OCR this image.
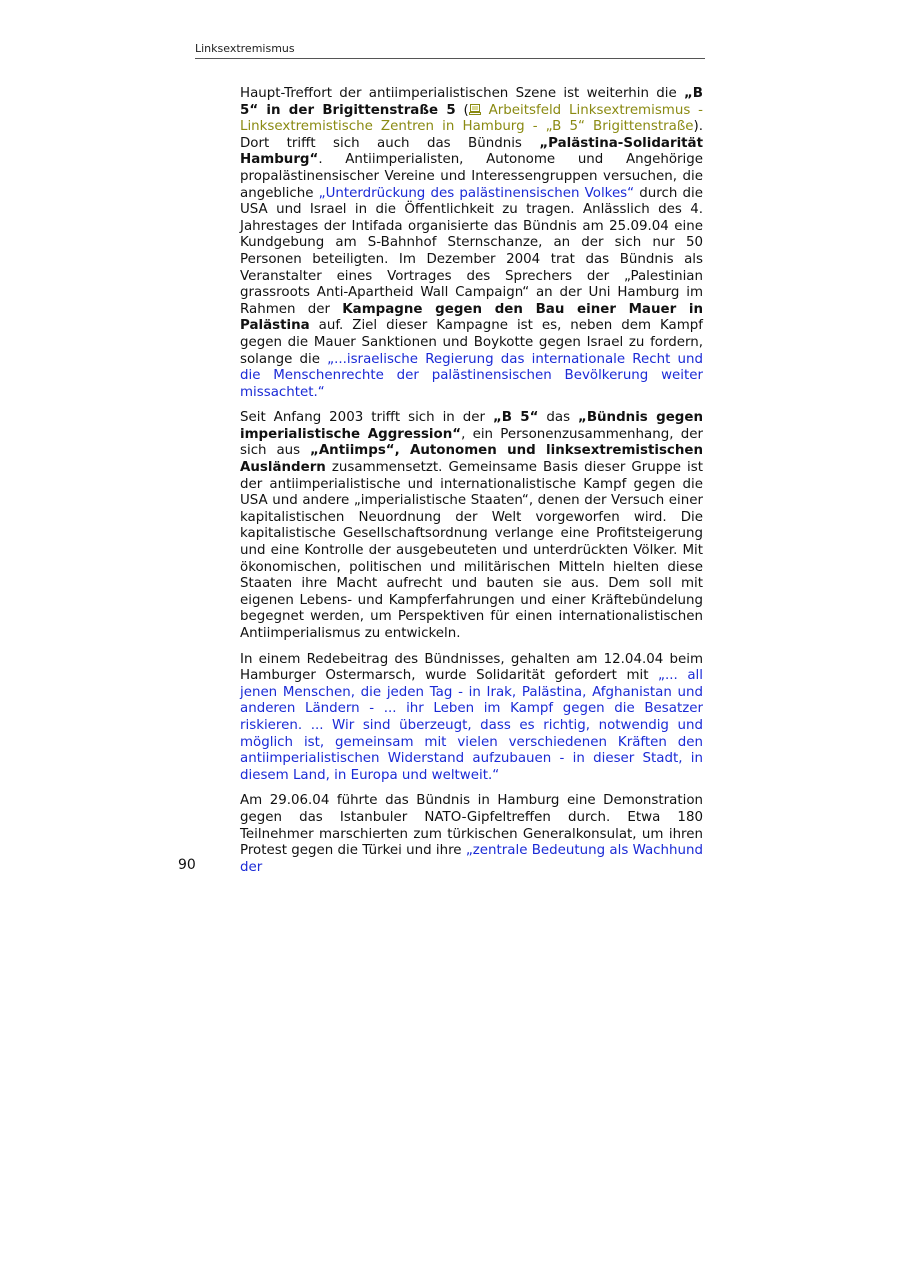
Linksextremismus

Haupt-Treffort der antiimperialistischen Szene ist weiterhin die „B 5“ in der Brigittenstraße 5 ( Arbeitsfeld Linksextremismus - Linksextremistische Zentren in Hamburg - „B 5“ Brigittenstraße). Dort trifft sich auch das Bündnis „Palästina-Solidarität Hamburg“. Antiimperialisten, Autonome und Angehörige propalästinensischer Vereine und Interessengruppen versuchen, die angebliche „Unterdrückung des palästinensischen Volkes“ durch die USA und Israel in die Öffentlichkeit zu tragen. Anlässlich des 4. Jahrestages der Intifada organisierte das Bündnis am 25.09.04 eine Kundgebung am S-Bahnhof Sternschanze, an der sich nur 50 Personen beteiligten. Im Dezember 2004 trat das Bündnis als Veranstalter eines Vortrages des Sprechers der „Palestinian grassroots Anti-Apartheid Wall Campaign“ an der Uni Hamburg im Rahmen der Kampagne gegen den Bau einer Mauer in Palästina auf. Ziel dieser Kampagne ist es, neben dem Kampf gegen die Mauer Sanktionen und Boykotte gegen Israel zu fordern, solange die „...israelische Regierung das internationale Recht und die Menschenrechte der palästinensischen Bevölkerung weiter missachtet.“

Seit Anfang 2003 trifft sich in der „B 5“ das „Bündnis gegen imperialistische Aggression“, ein Personenzusammenhang, der sich aus „Antiimps“, Autonomen und linksextremistischen Ausländern zusammensetzt. Gemeinsame Basis dieser Gruppe ist der antiimperialistische und internationalistische Kampf gegen die USA und andere „imperialistische Staaten“, denen der Versuch einer kapitalistischen Neuordnung der Welt vorgeworfen wird. Die kapitalistische Gesellschaftsordnung verlange eine Profitsteigerung und eine Kontrolle der ausgebeuteten und unterdrückten Völker. Mit ökonomischen, politischen und militärischen Mitteln hielten diese Staaten ihre Macht aufrecht und bauten sie aus. Dem soll mit eigenen Lebens- und Kampferfahrungen und einer Kräftebündelung begegnet werden, um Perspektiven für einen internationalistischen Antiimperialismus zu entwickeln.

In einem Redebeitrag des Bündnisses, gehalten am 12.04.04 beim Hamburger Ostermarsch, wurde Solidarität gefordert mit „... all jenen Menschen, die jeden Tag - in Irak, Palästina, Afghanistan und anderen Ländern - ... ihr Leben im Kampf gegen die Besatzer riskieren. ... Wir sind überzeugt, dass es richtig, notwendig und möglich ist, gemeinsam mit vielen verschiedenen Kräften den antiimperialistischen Widerstand aufzubauen - in dieser Stadt, in diesem Land, in Europa und weltweit.“

Am 29.06.04 führte das Bündnis in Hamburg eine Demonstration gegen das Istanbuler NATO-Gipfeltreffen durch. Etwa 180 Teilnehmer marschierten zum türkischen Generalkonsulat, um ihren Protest gegen die Türkei und ihre „zentrale Bedeutung als Wachhund der

90
